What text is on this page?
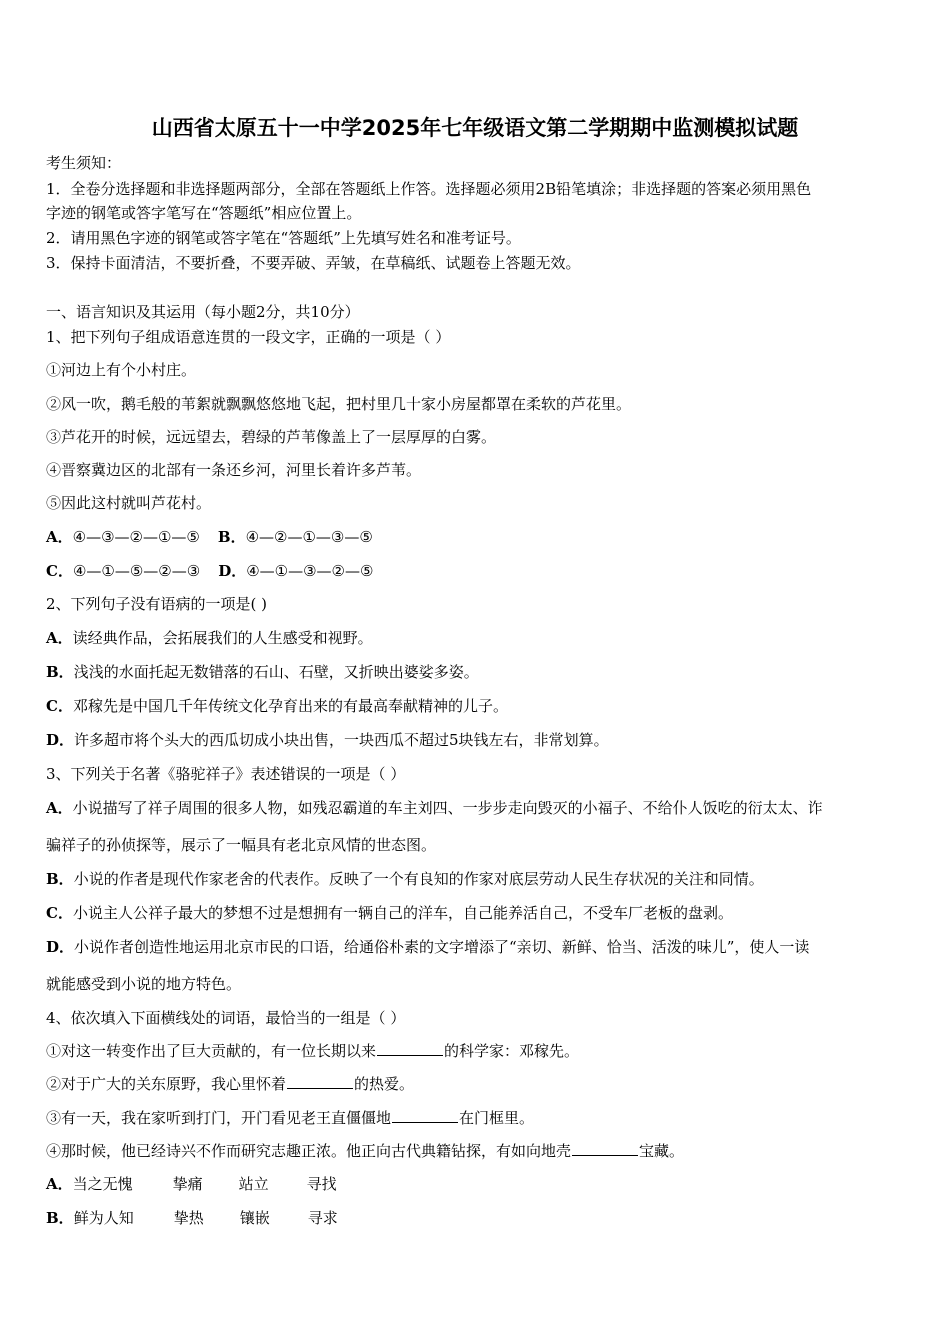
山西省太原五十一中学2025年七年级语文第二学期期中监测模拟试题
考生须知：
1．全卷分选择题和非选择题两部分，全部在答题纸上作答。选择题必须用2B铅笔填涂；非选择题的答案必须用黑色
字迹的钢笔或答字笔写在“答题纸”相应位置上。
2．请用黑色字迹的钢笔或答字笔在“答题纸”上先填写姓名和准考证号。
3．保持卡面清洁，不要折叠，不要弄破、弄皱，在草稿纸、试题卷上答题无效。
一、语言知识及其运用（每小题2分，共10分）
1、把下列句子组成语意连贯的一段文字，正确的一项是（ ）
①河边上有个小村庄。
②风一吹，鹅毛般的苇絮就飘飘悠悠地飞起，把村里几十家小房屋都罩在柔软的芦花里。
③芦花开的时候，远远望去，碧绿的芦苇像盖上了一层厚厚的白雾。
④晋察冀边区的北部有一条还乡河，河里长着许多芦苇。
⑤因此这村就叫芦花村。
A．④—③—②—①—⑤ B．④—②—①—③—⑤
C．④—①—⑤—②—③ D．④—①—③—②—⑤
2、下列句子没有语病的一项是( )
A．读经典作品，会拓展我们的人生感受和视野。
B．浅浅的水面托起无数错落的石山、石壁，又折映出婆娑多姿。
C．邓稼先是中国几千年传统文化孕育出来的有最高奉献精神的儿子。
D．许多超市将个头大的西瓜切成小块出售，一块西瓜不超过5块钱左右，非常划算。
3、下列关于名著《骆驼祥子》表述错误的一项是（ ）
A．小说描写了祥子周围的很多人物，如残忍霸道的车主刘四、一步步走向毁灭的小福子、不给仆人饭吃的衍太太、诈
骗祥子的孙侦探等，展示了一幅具有老北京风情的世态图。
B．小说的作者是现代作家老舍的代表作。反映了一个有良知的作家对底层劳动人民生存状况的关注和同情。
C．小说主人公祥子最大的梦想不过是想拥有一辆自己的洋车，自己能养活自己，不受车厂老板的盘剥。
D．小说作者创造性地运用北京市民的口语，给通俗朴素的文字增添了“亲切、新鲜、恰当、活泼的味儿”，使人一读
就能感受到小说的地方特色。
4、依次填入下面横线处的词语，最恰当的一组是（ ）
①对这一转变作出了巨大贡献的，有一位长期以来	的科学家：邓稼先。
②对于广大的关东原野，我心里怀着	的热爱。
③有一天，我在家听到打门，开门看见老王直僵僵地	在门框里。
④那时候，他已经诗兴不作而研究志趣正浓。他正向古代典籍钻探，有如向地壳	宝藏。
A．当之无愧	挚痛 站立	寻找
B．鲜为人知	挚热 镶嵌	寻求
